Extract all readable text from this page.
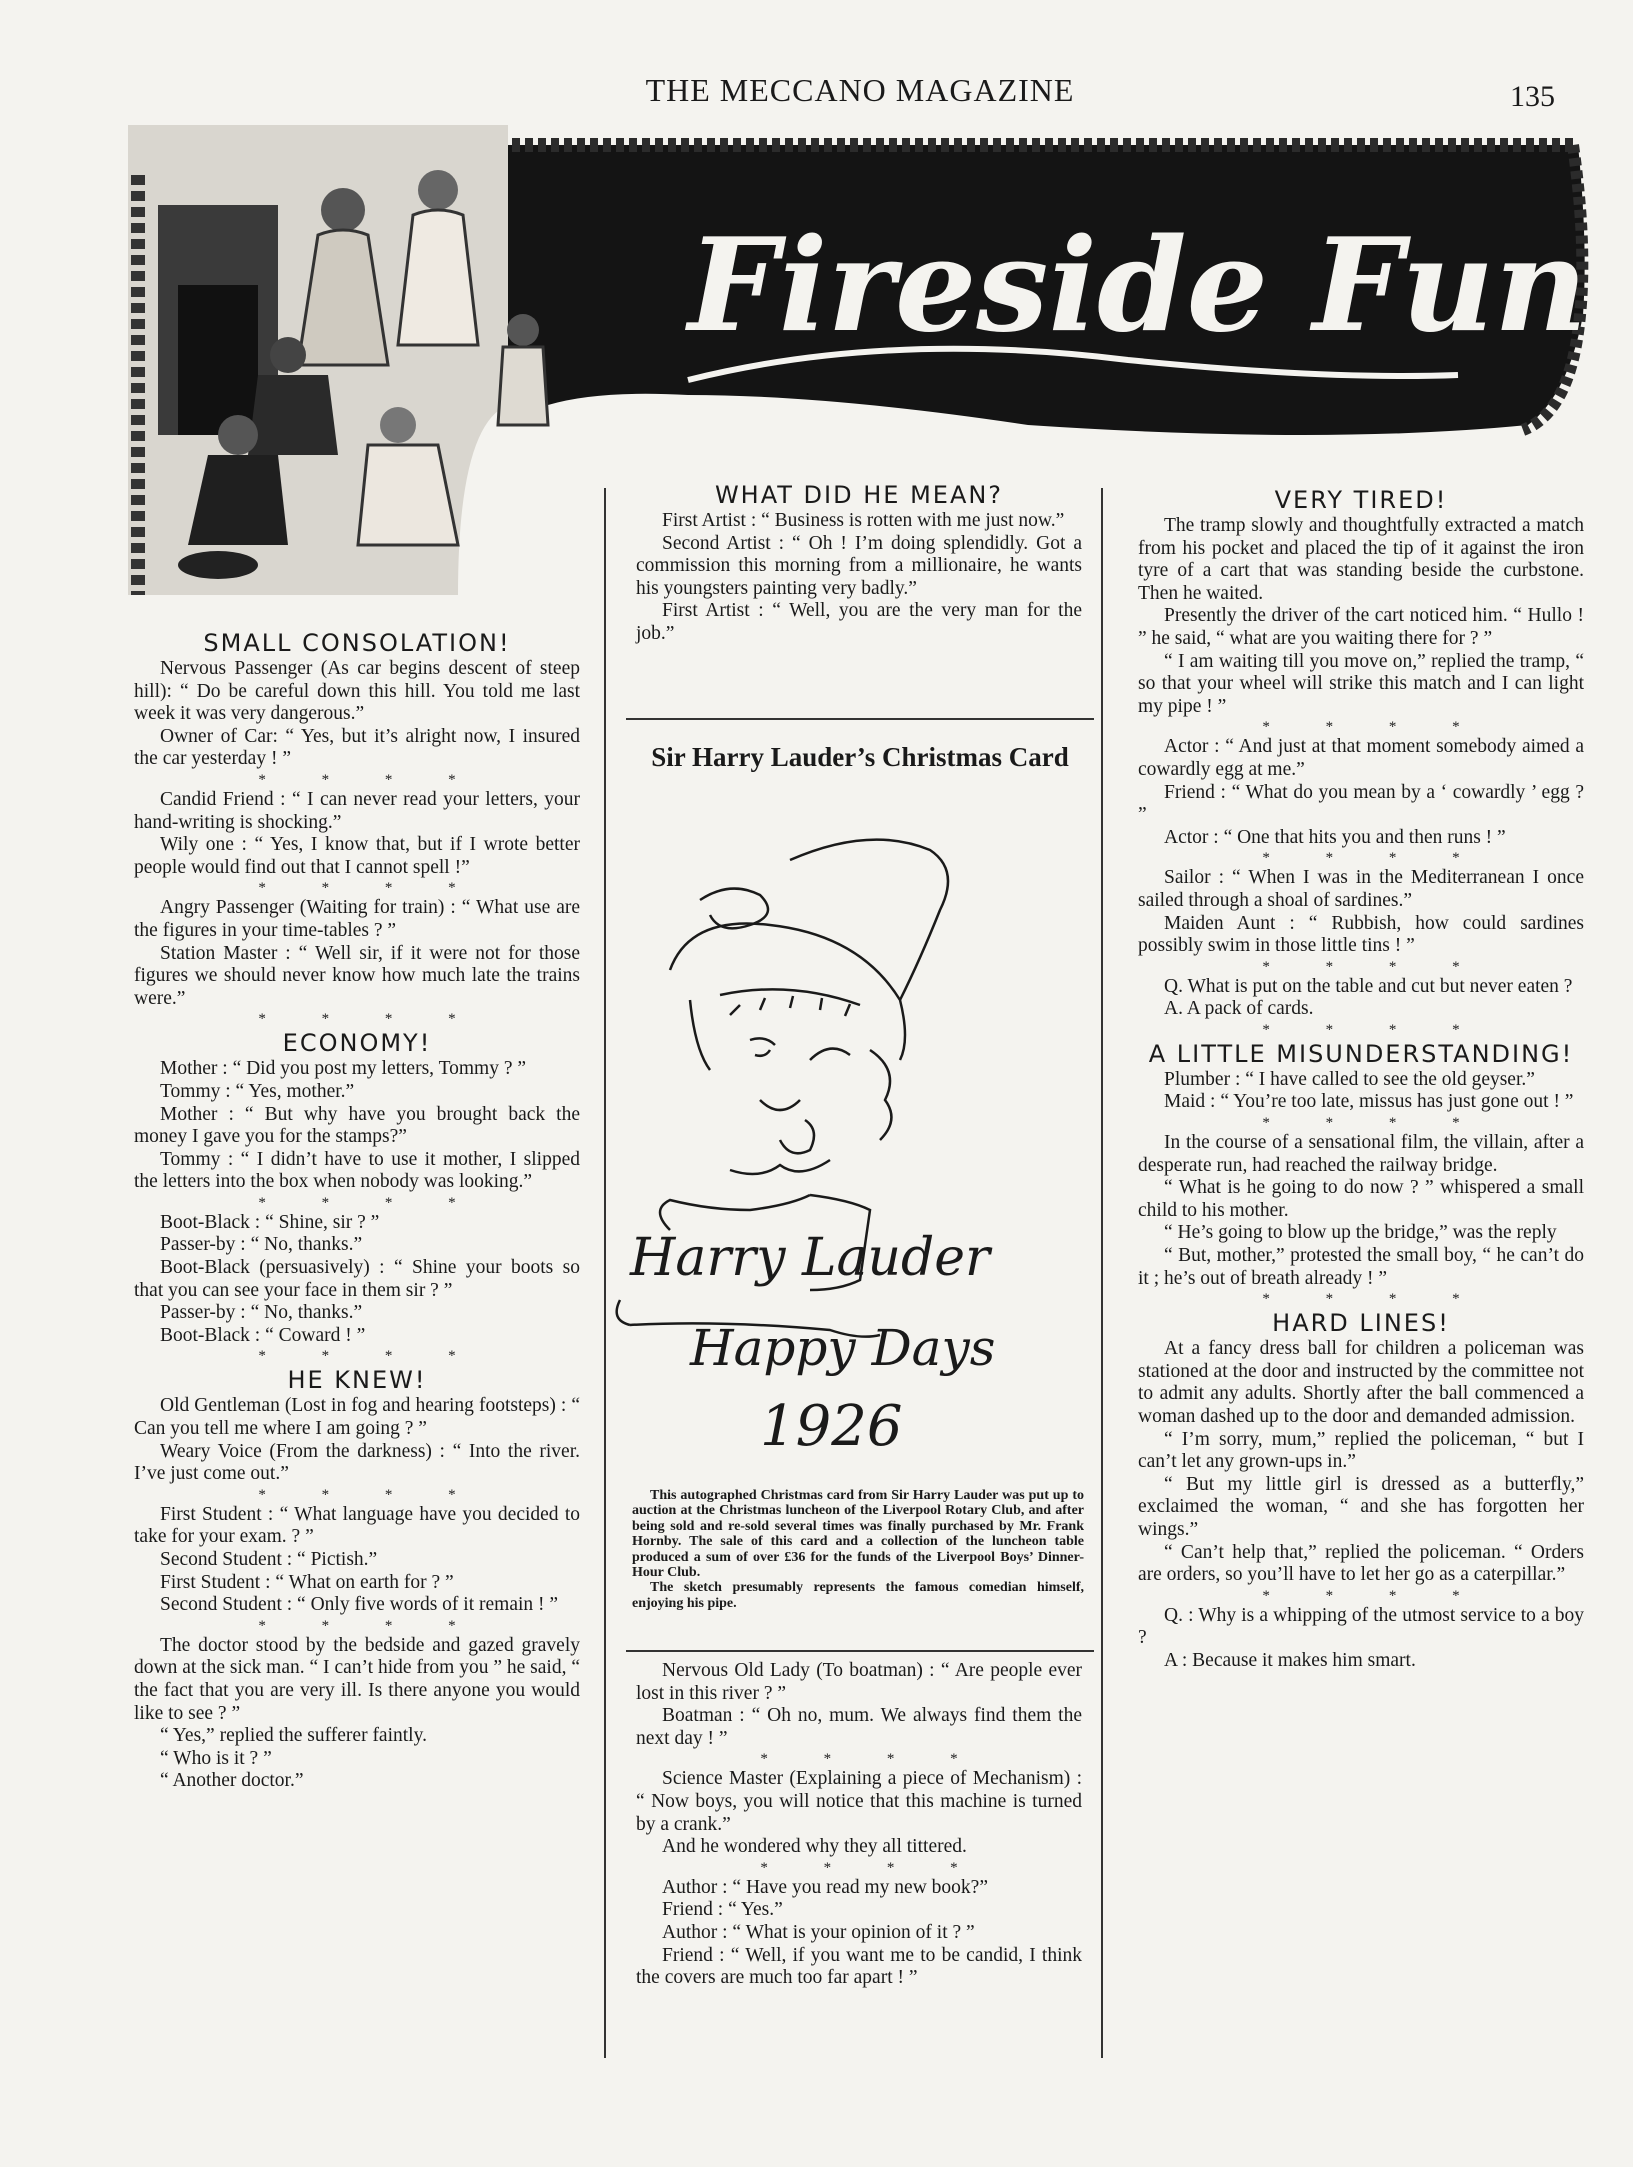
THE MECCANO MAGAZINE	135
Fireside Fun
SMALL CONSOLATION!

Nervous Passenger (As car begins descent of steep hill): “ Do be careful down this hill. You told me last week it was very dangerous.”

Owner of Car: “ Yes, but it’s alright now, I insured the car yesterday ! ”

* * * *

Candid Friend : “ I can never read your letters, your hand-writing is shocking.”

Wily one : “ Yes, I know that, but if I wrote better people would find out that I cannot spell !”

* * * *

Angry Passenger (Waiting for train) : “ What use are the figures in your time-tables ? ”

Station Master : “ Well sir, if it were not for those figures we should never know how much late the trains were.”

* * * *
ECONOMY!

Mother : “ Did you post my letters, Tommy ? ”

Tommy : “ Yes, mother.”

Mother : “ But why have you brought back the money I gave you for the stamps?”

Tommy : “ I didn’t have to use it mother, I slipped the letters into the box when nobody was looking.”

* * * *

Boot-Black : “ Shine, sir ? ”

Passer-by : “ No, thanks.”

Boot-Black (persuasively) : “ Shine your boots so that you can see your face in them sir ? ”

Passer-by : “ No, thanks.”

Boot-Black : “ Coward ! ”

* * * *
HE KNEW!

Old Gentleman (Lost in fog and hearing footsteps) : “ Can you tell me where I am going ? ”

Weary Voice (From the darkness) : “ Into the river. I’ve just come out.”

* * * *

First Student : “ What language have you decided to take for your exam. ? ”

Second Student : “ Pictish.”

First Student : “ What on earth for ? ”

Second Student : “ Only five words of it remain ! ”

* * * *

The doctor stood by the bedside and gazed gravely down at the sick man. “ I can’t hide from you ” he said, “ the fact that you are very ill. Is there anyone you would like to see ? ”

“ Yes,” replied the sufferer faintly.

“ Who is it ? ”

“ Another doctor.”

WHAT DID HE MEAN?

First Artist : “ Business is rotten with me just now.”

Second Artist : “ Oh ! I’m doing splendidly. Got a commission this morning from a millionaire, he wants his youngsters painting very badly.”

First Artist : “ Well, you are the very man for the job.”

Sir Harry Lauder’s Christmas Card
Harry Lauder
Happy Days
1926

This autographed Christmas card from Sir Harry Lauder was put up to auction at the Christmas luncheon of the Liverpool Rotary Club, and after being sold and re-sold several times was finally purchased by Mr. Frank Hornby. The sale of this card and a collection of the luncheon table produced a sum of over £36 for the funds of the Liverpool Boys’ Dinner-Hour Club.

The sketch presumably represents the famous comedian himself, enjoying his pipe.

Nervous Old Lady (To boatman) : “ Are people ever lost in this river ? ”

Boatman : “ Oh no, mum. We always find them the next day ! ”

* * * *

Science Master (Explaining a piece of Mechanism) : “ Now boys, you will notice that this machine is turned by a crank.”

And he wondered why they all tittered.

* * * *

Author : “ Have you read my new book?”

Friend : “ Yes.”

Author : “ What is your opinion of it ? ”

Friend : “ Well, if you want me to be candid, I think the covers are much too far apart ! ”

VERY TIRED!

The tramp slowly and thoughtfully extracted a match from his pocket and placed the tip of it against the iron tyre of a cart that was standing beside the curbstone. Then he waited.

Presently the driver of the cart noticed him. “ Hullo ! ” he said, “ what are you waiting there for ? ”

“ I am waiting till you move on,” replied the tramp, “ so that your wheel will strike this match and I can light my pipe ! ”

* * * *

Actor : “ And just at that moment somebody aimed a cowardly egg at me.”

Friend : “ What do you mean by a ‘ cowardly ’ egg ? ”

Actor : “ One that hits you and then runs ! ”

* * * *

Sailor : “ When I was in the Mediterranean I once sailed through a shoal of sardines.”

Maiden Aunt : “ Rubbish, how could sardines possibly swim in those little tins ! ”

* * * *

Q. What is put on the table and cut but never eaten ?

A. A pack of cards.

* * * *
A LITTLE MISUNDERSTANDING!

Plumber : “ I have called to see the old geyser.”

Maid : “ You’re too late, missus has just gone out ! ”

* * * *

In the course of a sensational film, the villain, after a desperate run, had reached the railway bridge.

“ What is he going to do now ? ” whispered a small child to his mother.

“ He’s going to blow up the bridge,” was the reply

“ But, mother,” protested the small boy, “ he can’t do it ; he’s out of breath already ! ”

* * * *
HARD LINES!

At a fancy dress ball for children a policeman was stationed at the door and instructed by the committee not to admit any adults. Shortly after the ball commenced a woman dashed up to the door and demanded admission.

“ I’m sorry, mum,” replied the policeman, “ but I can’t let any grown-ups in.”

“ But my little girl is dressed as a butterfly,” exclaimed the woman, “ and she has forgotten her wings.”

“ Can’t help that,” replied the policeman. “ Orders are orders, so you’ll have to let her go as a caterpillar.”

* * * *

Q. : Why is a whipping of the utmost service to a boy ?

A : Because it makes him smart.
